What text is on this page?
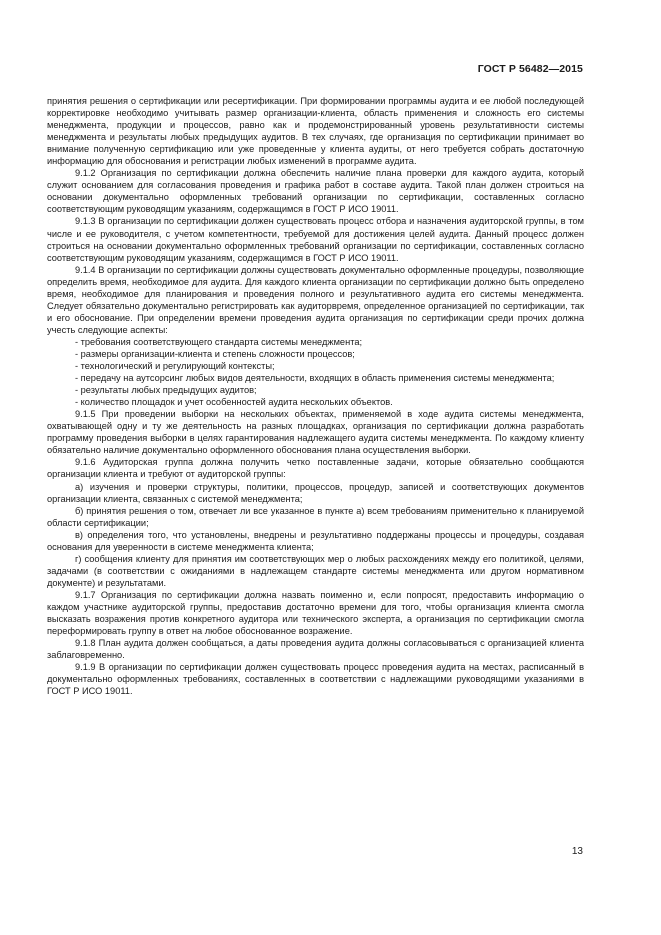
ГОСТ Р 56482—2015

принятия решения о сертификации или ресертификации. При формировании программы аудита и ее любой последующей корректировке необходимо учитывать размер организации-клиента, область применения и сложность его системы менеджмента, продукции и процессов, равно как и продемонстрированный уровень результативности системы менеджмента и результаты любых предыдущих аудитов. В тех случаях, где организация по сертификации принимает во внимание полученную сертификацию или уже проведенные у клиента аудиты, от него требуется собрать достаточную информацию для обоснования и регистрации любых изменений в программе аудита.

9.1.2 Организация по сертификации должна обеспечить наличие плана проверки для каждого аудита, который служит основанием для согласования проведения и графика работ в составе аудита. Такой план должен строиться на основании документально оформленных требований организации по сертификации, составленных согласно соответствующим руководящим указаниям, содержащимся в ГОСТ Р ИСО 19011.

9.1.3 В организации по сертификации должен существовать процесс отбора и назначения аудиторской группы, в том числе и ее руководителя, с учетом компетентности, требуемой для достижения целей аудита. Данный процесс должен строиться на основании документально оформленных требований организации по сертификации, составленных согласно соответствующим руководящим указаниям, содержащимся в ГОСТ Р ИСО 19011.

9.1.4 В организации по сертификации должны существовать документально оформленные процедуры, позволяющие определить время, необходимое для аудита. Для каждого клиента организации по сертификации должно быть определено время, необходимое для планирования и проведения полного и результативного аудита его системы менеджмента. Следует обязательно документально регистрировать как аудиторвремя, определенное организацией по сертификации, так и его обоснование. При определении времени проведения аудита организация по сертификации среди прочих должна учесть следующие аспекты:

- требования соответствующего стандарта системы менеджмента;

- размеры организации-клиента и степень сложности процессов;

- технологический и регулирующий контексты;

- передачу на аутсорсинг любых видов деятельности, входящих в область применения системы менеджмента;

- результаты любых предыдущих аудитов;

- количество площадок и учет особенностей аудита нескольких объектов.

9.1.5 При проведении выборки на нескольких объектах, применяемой в ходе аудита системы менеджмента, охватывающей одну и ту же деятельность на разных площадках, организация по сертификации должна разработать программу проведения выборки в целях гарантирования надлежащего аудита системы менеджмента. По каждому клиенту обязательно наличие документально оформленного обоснования плана осуществления выборки.

9.1.6 Аудиторская группа должна получить четко поставленные задачи, которые обязательно сообщаются организации клиента и требуют от аудиторской группы:

а) изучения и проверки структуры, политики, процессов, процедур, записей и соответствующих документов организации клиента, связанных с системой менеджмента;

б) принятия решения о том, отвечает ли все указанное в пункте а) всем требованиям применительно к планируемой области сертификации;

в) определения того, что установлены, внедрены и результативно поддержаны процессы и процедуры, создавая основания для уверенности в системе менеджмента клиента;

г) сообщения клиенту для принятия им соответствующих мер о любых расхождениях между его политикой, целями, задачами (в соответствии с ожиданиями в надлежащем стандарте системы менеджмента или другом нормативном документе) и результатами.

9.1.7 Организация по сертификации должна назвать поименно и, если попросят, предоставить информацию о каждом участнике аудиторской группы, предоставив достаточно времени для того, чтобы организация клиента смогла высказать возражения против конкретного аудитора или технического эксперта, а организация по сертификации смогла переформировать группу в ответ на любое обоснованное возражение.

9.1.8 План аудита должен сообщаться, а даты проведения аудита должны согласовываться с организацией клиента заблаговременно.

9.1.9 В организации по сертификации должен существовать процесс проведения аудита на местах, расписанный в документально оформленных требованиях, составленных в соответствии с надлежащими руководящими указаниями в ГОСТ Р ИСО 19011.

13
